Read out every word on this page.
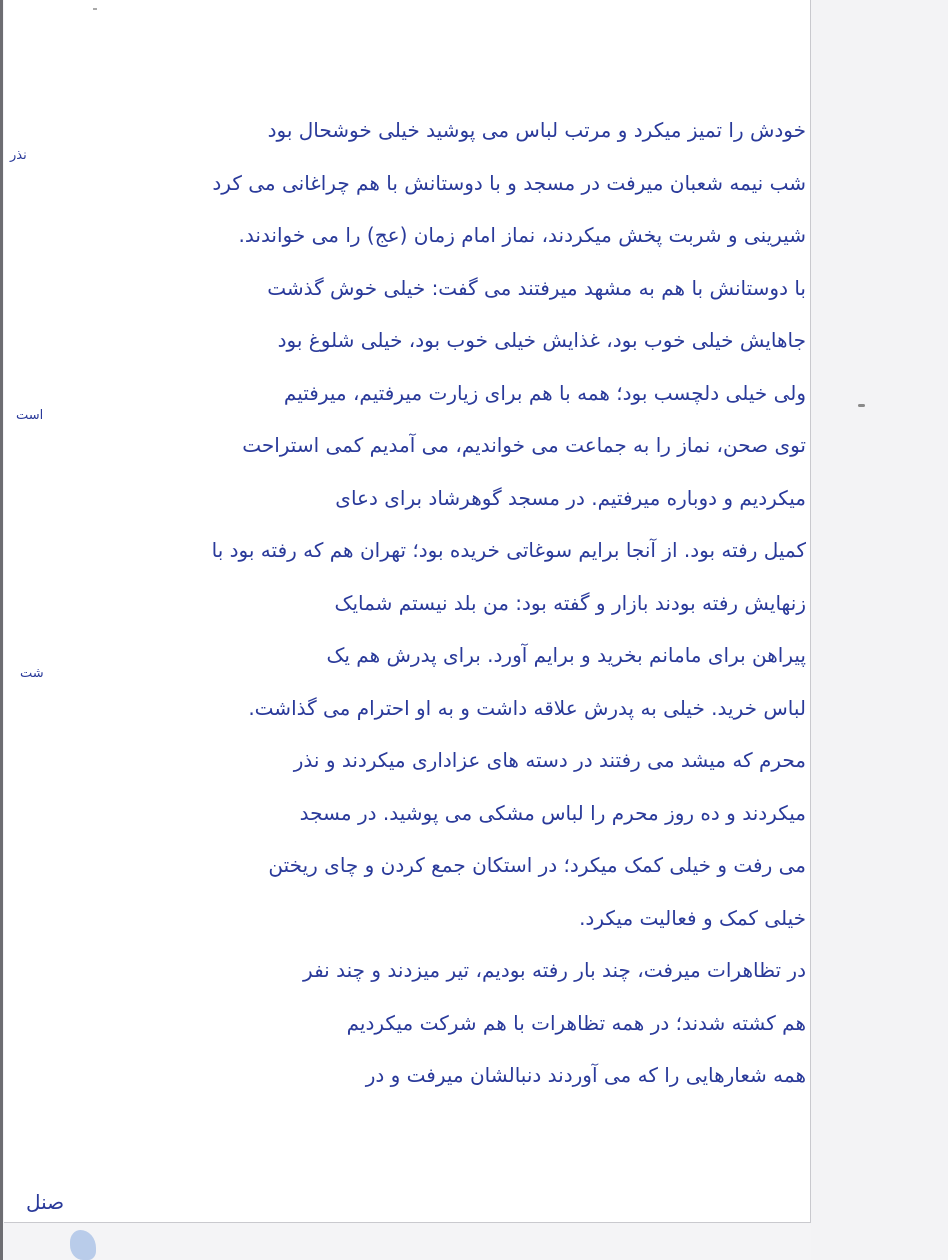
خودش را تمیز میکرد و مرتب لباس می پوشید خیلی خوشحال بود
شب نیمه شعبان میرفت در مسجد و با دوستانش با هم چراغانی می کرد
شیرینی و شربت پخش میکردند، نماز امام زمان (عج) را می خواندند.
با دوستانش با هم به مشهد میرفتند می گفت: خیلی خوش گذشت
جاهایش خیلی خوب بود، غذایش خیلی خوب بود، خیلی شلوغ بود
ولی خیلی دلچسب بود؛ همه با هم برای زیارت میرفتیم، میرفتیم
توی صحن، نماز را به جماعت می خواندیم، می آمدیم کمی استراحت
میکردیم و دوباره میرفتیم. در مسجد گوهرشاد برای دعای
کمیل رفته بود. از آنجا برایم سوغاتی خریده بود؛ تهران هم که رفته بود با
زنهایش رفته بودند بازار و گفته بود: من بلد نیستم شمایک
پیراهن برای مامانم بخرید و برایم آورد. برای پدرش هم یک
لباس خرید. خیلی به پدرش علاقه داشت و به او احترام می گذاشت.
محرم که میشد می رفتند در دسته های عزاداری میکردند و نذر
میکردند و ده روز محرم را لباس مشکی می پوشید. در مسجد
می رفت و خیلی کمک میکرد؛ در استکان جمع کردن و چای ریختن
خیلی کمک و فعالیت میکرد.
در تظاهرات میرفت، چند بار رفته بودیم، تیر میزدند و چند نفر
هم کشته شدند؛ در همه تظاهرات با هم شرکت میکردیم
همه شعارهایی را که می آوردند دنبالشان میرفت و در
نذر
است
شت
صنل
